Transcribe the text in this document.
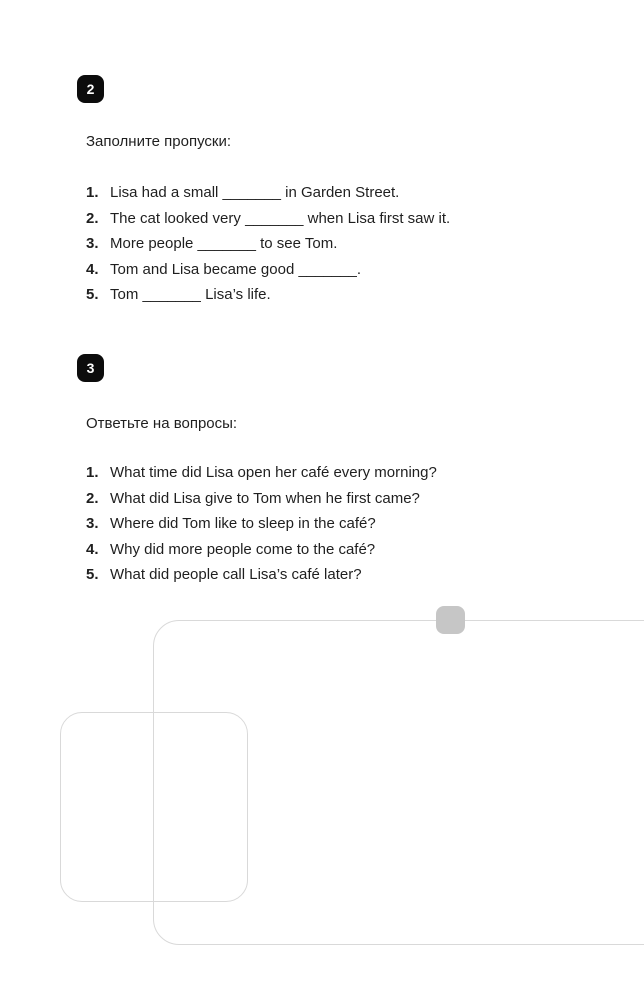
2
Заполните пропуски:
1. Lisa had a small _______ in Garden Street.
2. The cat looked very _______ when Lisa first saw it.
3. More people _______ to see Tom.
4. Tom and Lisa became good _______.
5. Tom _______ Lisa’s life.
3
Ответьте на вопросы:
1. What time did Lisa open her café every morning?
2. What did Lisa give to Tom when he first came?
3. Where did Tom like to sleep in the café?
4. Why did more people come to the café?
5. What did people call Lisa’s café later?
